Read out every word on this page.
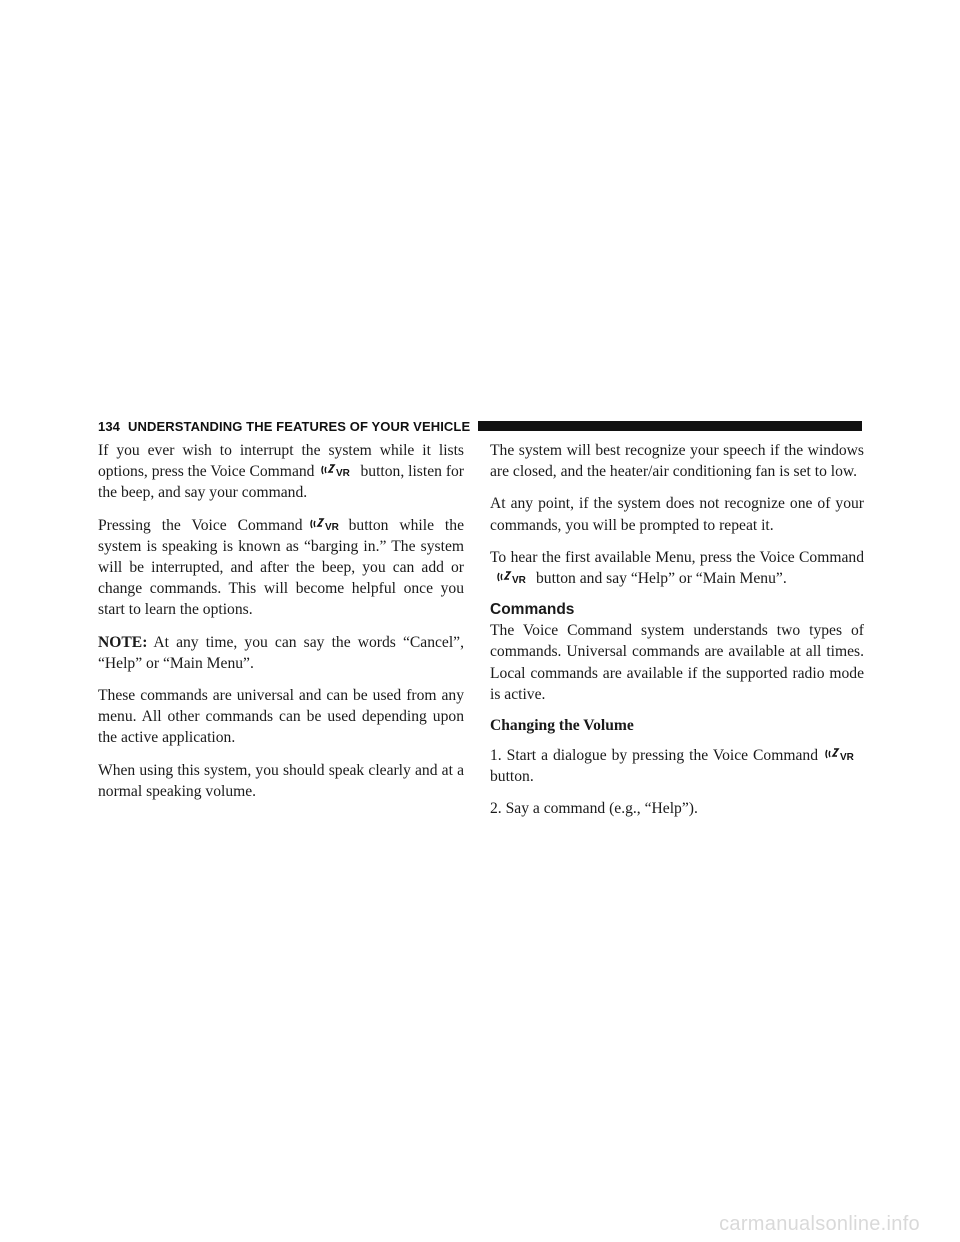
134 UNDERSTANDING THE FEATURES OF YOUR VEHICLE

If you ever wish to interrupt the system while it lists options, press the Voice Command VR button, listen for the beep, and say your command.

Pressing the Voice Command VR button while the system is speaking is known as “barging in.” The system will be interrupted, and after the beep, you can add or change commands. This will become helpful once you start to learn the options.

NOTE: At any time, you can say the words “Cancel”, “Help” or “Main Menu”.

These commands are universal and can be used from any menu. All other commands can be used depending upon the active application.

When using this system, you should speak clearly and at a normal speaking volume.

The system will best recognize your speech if the windows are closed, and the heater/air conditioning fan is set to low.

At any point, if the system does not recognize one of your commands, you will be prompted to repeat it.

To hear the first available Menu, press the Voice Command
VR button and say “Help” or “Main Menu”.

Commands

The Voice Command system understands two types of commands. Universal commands are available at all times. Local commands are available if the supported radio mode is active.

Changing the Volume

1. Start a dialogue by pressing the Voice Command VR
button.

2. Say a command (e.g., “Help”).

carmanualsonline.info
